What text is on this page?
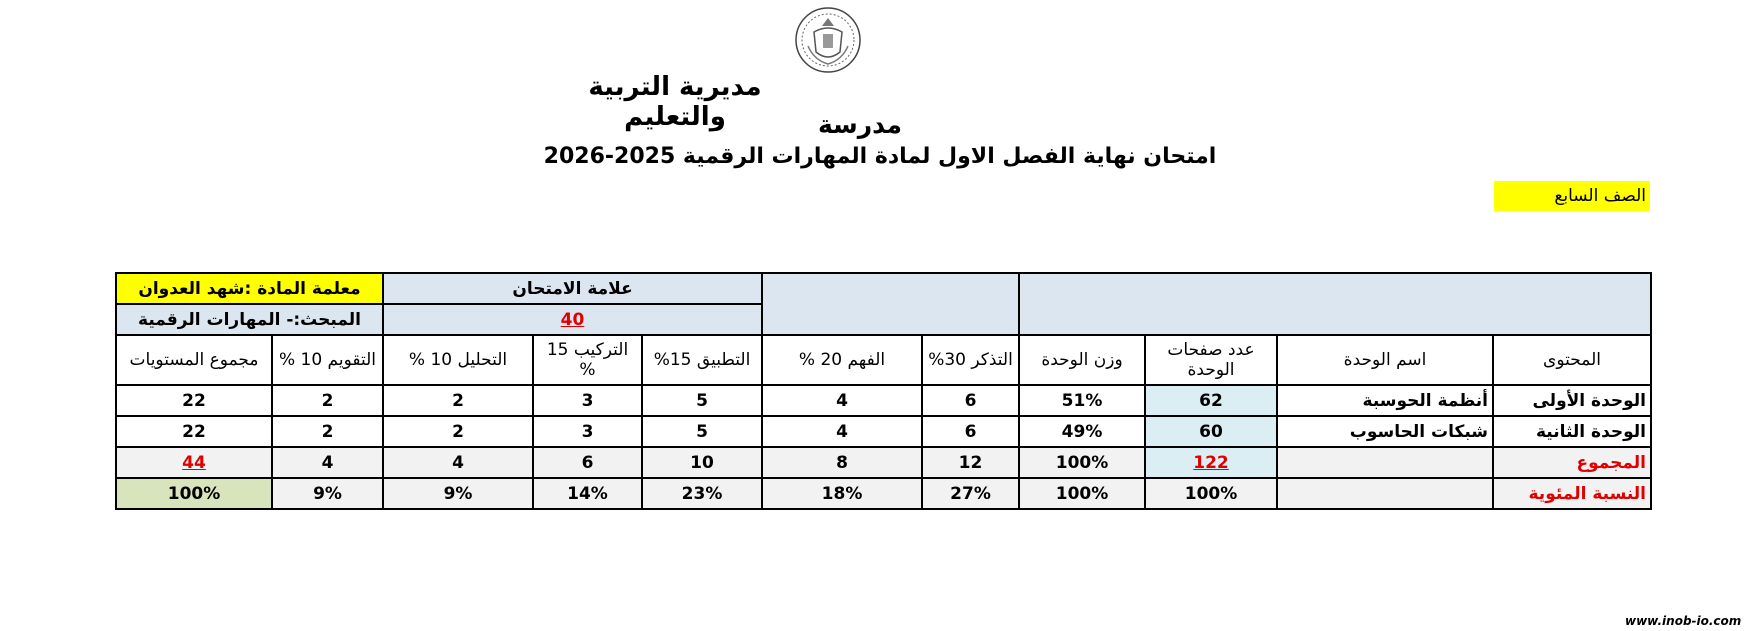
مديرية التربية والتعليم	مدرسة
امتحان نهاية الفصل الاول لمادة المهارات الرقمية 2025-2026
الصف السابع
معلمة المادة :شهد العدوان		علامة الامتحان								
المبحث:- المهارات الرقمية		40								
مجموع المستويات	التقويم 10 %	التحليل 10 %	التركيب 15 %	التطبيق 15%	الفهم 20 %	التذكر 30%	وزن الوحدة	عدد صفحات الوحدة	اسم الوحدة	المحتوى
22	2	2	3	5	4	6	51%	62	أنظمة الحوسبة	الوحدة الأولى
22	2	2	3	5	4	6	49%	60	شبكات الحاسوب	الوحدة الثانية
44	4	4	6	10	8	12	100%	122		المجموع
100%	9%	9%	14%	23%	18%	27%	100%	100%		النسبة المئوية
www.inob-io.com
